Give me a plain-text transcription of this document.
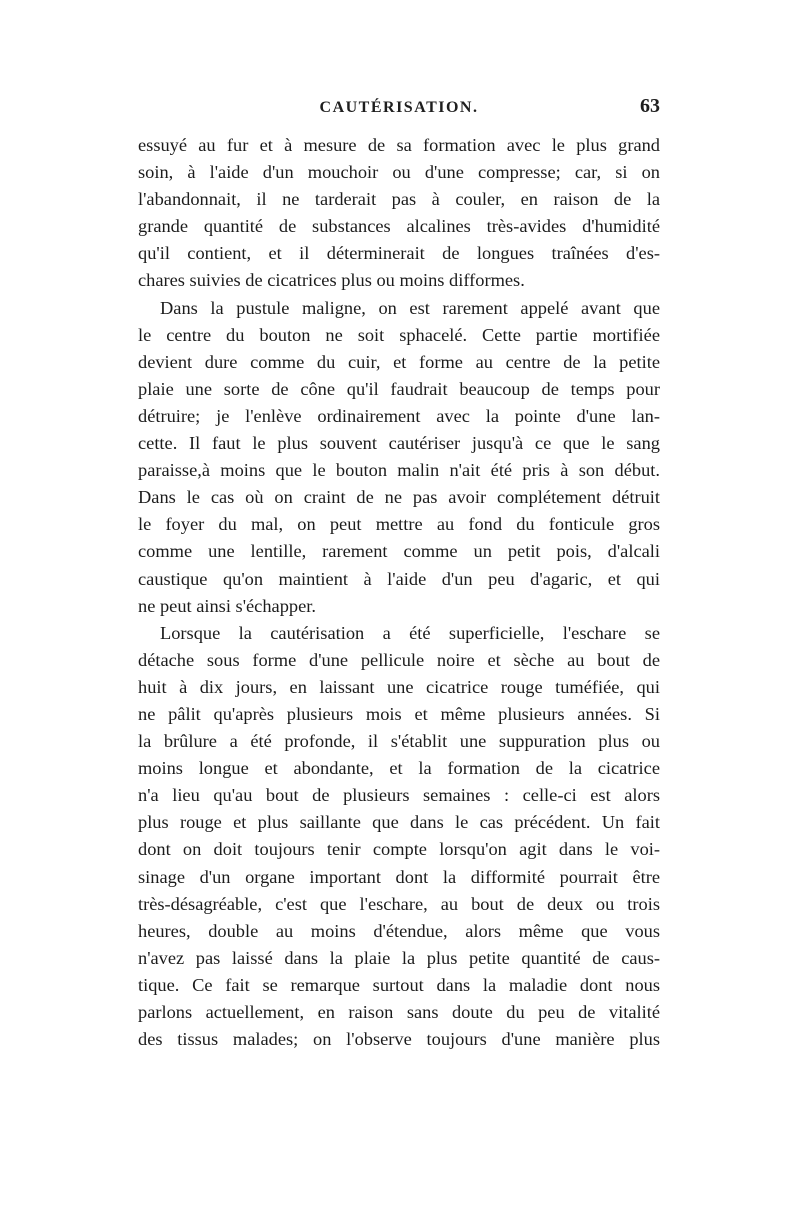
CAUTÉRISATION.	63
essuyé au fur et à mesure de sa formation avec le plus grand
soin, à l'aide d'un mouchoir ou d'une compresse; car, si on
l'abandonnait, il ne tarderait pas à couler, en raison de la
grande quantité de substances alcalines très-avides d'humidité
qu'il contient, et il déterminerait de longues traînées d'es-
chares suivies de cicatrices plus ou moins difformes.
Dans la pustule maligne, on est rarement appelé avant que
le centre du bouton ne soit sphacelé. Cette partie mortifiée
devient dure comme du cuir, et forme au centre de la petite
plaie une sorte de cône qu'il faudrait beaucoup de temps pour
détruire; je l'enlève ordinairement avec la pointe d'une lan-
cette. Il faut le plus souvent cautériser jusqu'à ce que le sang
paraisse,à moins que le bouton malin n'ait été pris à son début.
Dans le cas où on craint de ne pas avoir complétement détruit
le foyer du mal, on peut mettre au fond du fonticule gros
comme une lentille, rarement comme un petit pois, d'alcali
caustique qu'on maintient à l'aide d'un peu d'agaric, et qui
ne peut ainsi s'échapper.
Lorsque la cautérisation a été superficielle, l'eschare se
détache sous forme d'une pellicule noire et sèche au bout de
huit à dix jours, en laissant une cicatrice rouge tuméfiée, qui
ne pâlit qu'après plusieurs mois et même plusieurs années. Si
la brûlure a été profonde, il s'établit une suppuration plus ou
moins longue et abondante, et la formation de la cicatrice
n'a lieu qu'au bout de plusieurs semaines : celle-ci est alors
plus rouge et plus saillante que dans le cas précédent. Un fait
dont on doit toujours tenir compte lorsqu'on agit dans le voi-
sinage d'un organe important dont la difformité pourrait être
très-désagréable, c'est que l'eschare, au bout de deux ou trois
heures, double au moins d'étendue, alors même que vous
n'avez pas laissé dans la plaie la plus petite quantité de caus-
tique. Ce fait se remarque surtout dans la maladie dont nous
parlons actuellement, en raison sans doute du peu de vitalité
des tissus malades; on l'observe toujours d'une manière plus
